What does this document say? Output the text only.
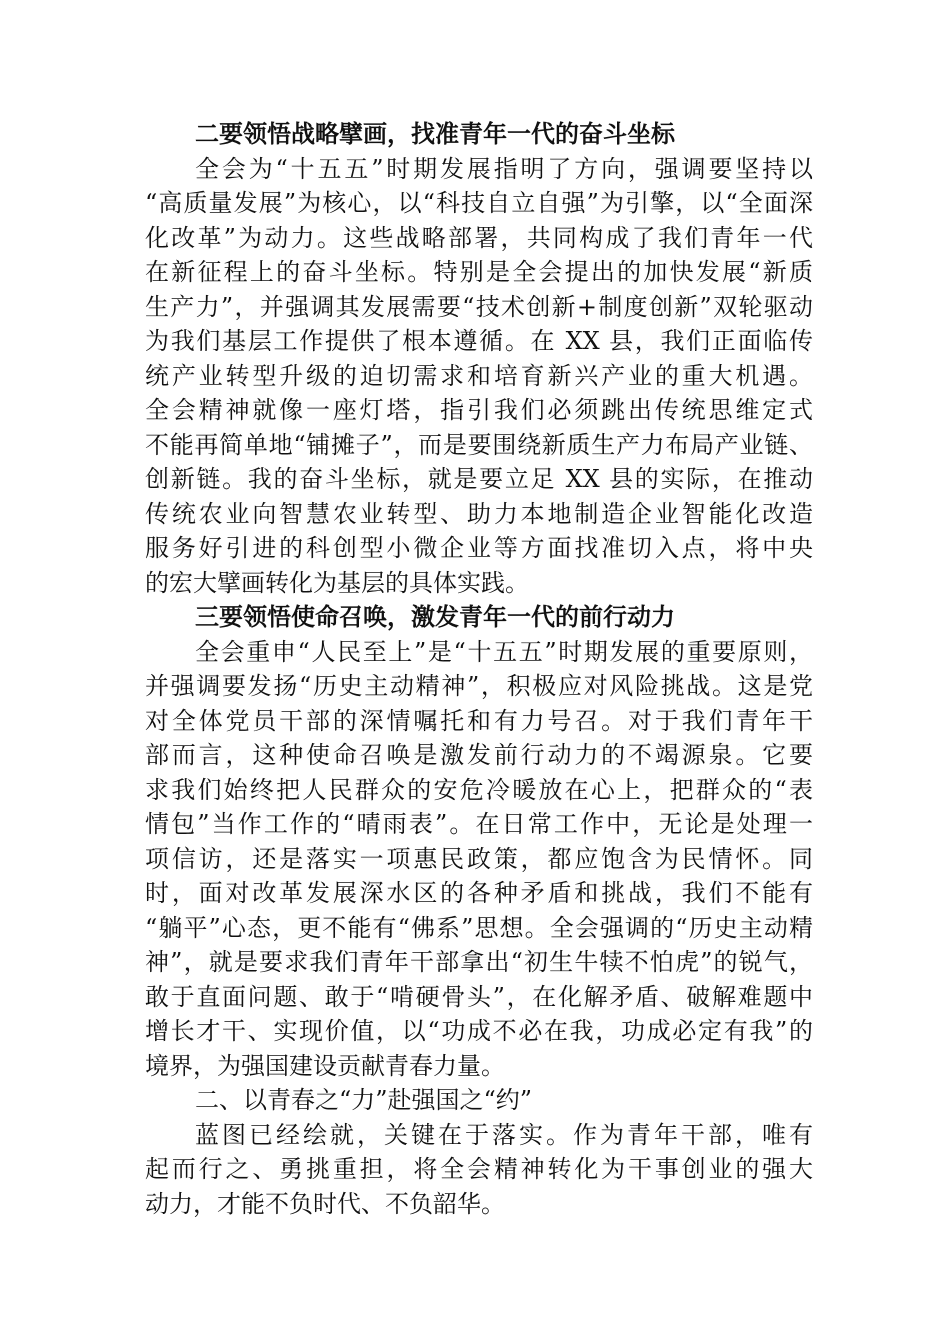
二要领悟战略擘画，找准青年一代的奋斗坐标
全会为“十五五”时期发展指明了方向，强调要坚持以
“高质量发展”为核心，以“科技自立自强”为引擎，以“全面深
化改革”为动力。这些战略部署，共同构成了我们青年一代
在新征程上的奋斗坐标。特别是全会提出的加快发展“新质
生产力”，并强调其发展需要“技术创新+制度创新”双轮驱动
为我们基层工作提供了根本遵循。在 XX 县，我们正面临传
统产业转型升级的迫切需求和培育新兴产业的重大机遇。
全会精神就像一座灯塔，指引我们必须跳出传统思维定式
不能再简单地“铺摊子”，而是要围绕新质生产力布局产业链、
创新链。我的奋斗坐标，就是要立足 XX 县的实际，在推动
传统农业向智慧农业转型、助力本地制造企业智能化改造
服务好引进的科创型小微企业等方面找准切入点，将中央
的宏大擘画转化为基层的具体实践。
三要领悟使命召唤，激发青年一代的前行动力
全会重申“人民至上”是“十五五”时期发展的重要原则，
并强调要发扬“历史主动精神”，积极应对风险挑战。这是党
对全体党员干部的深情嘱托和有力号召。对于我们青年干
部而言，这种使命召唤是激发前行动力的不竭源泉。它要
求我们始终把人民群众的安危冷暖放在心上，把群众的“表
情包”当作工作的“晴雨表”。在日常工作中，无论是处理一
项信访，还是落实一项惠民政策，都应饱含为民情怀。同
时，面对改革发展深水区的各种矛盾和挑战，我们不能有
“躺平”心态，更不能有“佛系”思想。全会强调的“历史主动精
神”，就是要求我们青年干部拿出“初生牛犊不怕虎”的锐气，
敢于直面问题、敢于“啃硬骨头”，在化解矛盾、破解难题中
增长才干、实现价值，以“功成不必在我，功成必定有我”的
境界，为强国建设贡献青春力量。
二、以青春之“力”赴强国之“约”
蓝图已经绘就，关键在于落实。作为青年干部，唯有
起而行之、勇挑重担，将全会精神转化为干事创业的强大
动力，才能不负时代、不负韶华。
